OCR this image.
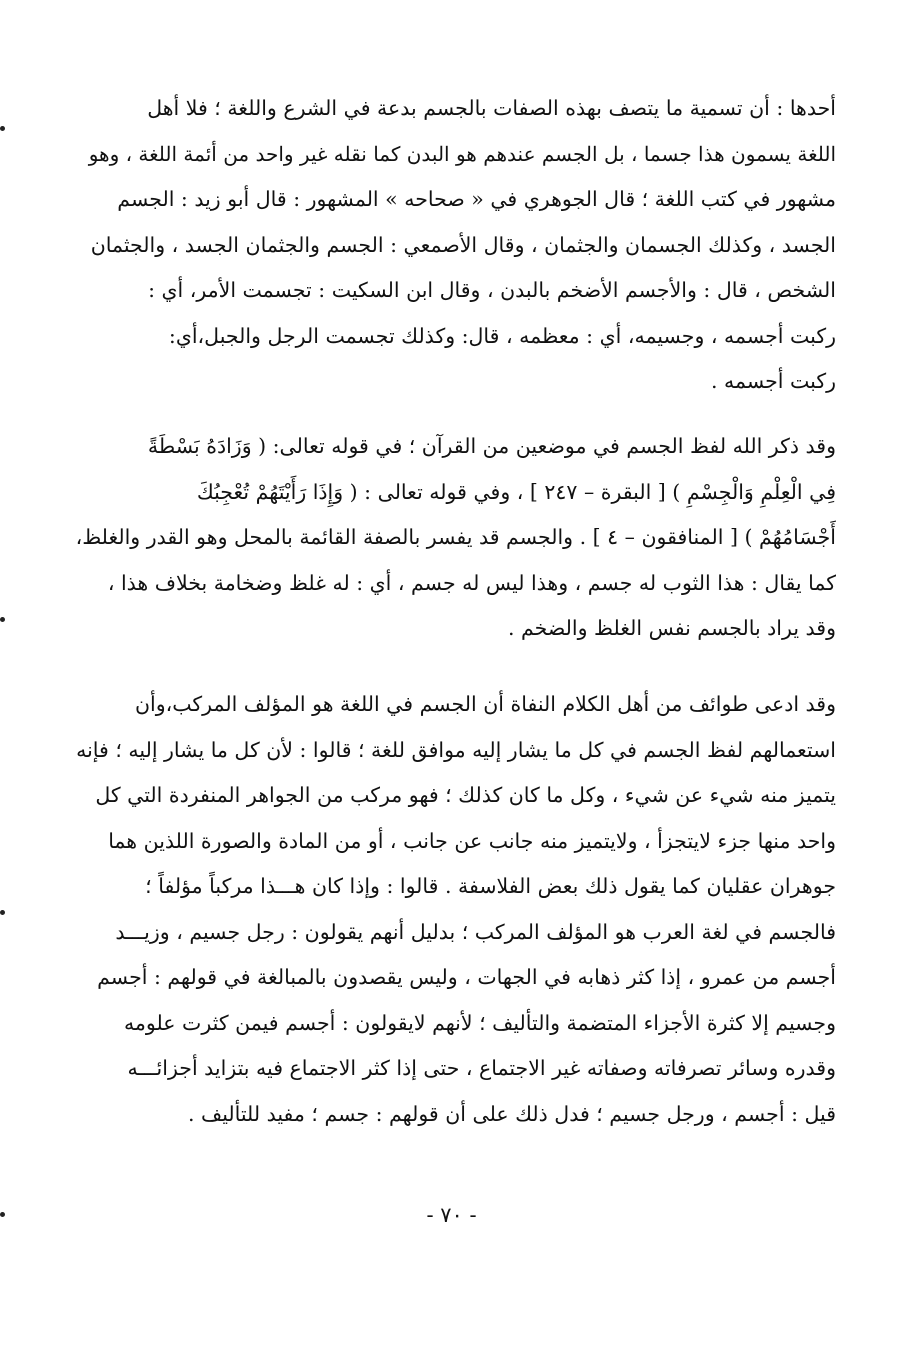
أحدها : أن تسمية ما يتصف بهذه الصفات بالجسم بدعة في الشرع واللغة ؛ فلا أهل
اللغة يسمون هذا جسما ، بل الجسم عندهم هو البدن كما نقله غير واحد من أئمة اللغة ، وهو
مشهور في كتب اللغة ؛ قال الجوهري في « صحاحه » المشهور : قال أبو زيد : الجسم
الجسد ، وكذلك الجسمان والجثمان ، وقال الأصمعي : الجسم والجثمان الجسد ، والجثمان
الشخص ، قال : والأجسم الأضخم بالبدن ، وقال ابن السكيت : تجسمت الأمر، أي :
ركبت أجسمه ، وجسيمه، أي : معظمه ، قال: وكذلك تجسمت الرجل والجبل،أي:
ركبت أجسمه .
وقد ذكر الله لفظ الجسم في موضعين من القرآن ؛ في قوله تعالى: ( وَزَادَهُ بَسْطَةً
فِي الْعِلْمِ وَالْجِسْمِ ) [ البقرة – ٢٤٧ ] ، وفي قوله تعالى : ( وَإِذَا رَأَيْتَهُمْ تُعْجِبُكَ
أَجْسَامُهُمْ ) [ المنافقون – ٤ ] . والجسم قد يفسر بالصفة القائمة بالمحل وهو القدر والغلظ،
كما يقال : هذا الثوب له جسم ، وهذا ليس له جسم ، أي : له غلظ وضخامة بخلاف هذا ،
وقد يراد بالجسم نفس الغلظ والضخم .
وقد ادعى طوائف من أهل الكلام النفاة أن الجسم في اللغة هو المؤلف المركب،وأن
استعمالهم لفظ الجسم في كل ما يشار إليه موافق للغة ؛ قالوا : لأن كل ما يشار إليه ؛ فإنه
يتميز منه شيء عن شيء ، وكل ما كان كذلك ؛ فهو مركب من الجواهر المنفردة التي كل
واحد منها جزء لايتجزأ ، ولايتميز منه جانب عن جانب ، أو من المادة والصورة اللذين هما
جوهران عقليان كما يقول ذلك بعض الفلاسفة . قالوا : وإذا كان هـــذا مركباً مؤلفاً ؛
فالجسم في لغة العرب هو المؤلف المركب ؛ بدليل أنهم يقولون : رجل جسيم ، وزيـــد
أجسم من عمرو ، إذا كثر ذهابه في الجهات ، وليس يقصدون بالمبالغة في قولهم : أجسم
وجسيم إلا كثرة الأجزاء المتضمة والتأليف ؛ لأنهم لايقولون : أجسم فيمن كثرت علومه
وقدره وسائر تصرفاته وصفاته غير الاجتماع ، حتى إذا كثر الاجتماع فيه بتزايد أجزائـــه
قيل : أجسم ، ورجل جسيم ؛ فدل ذلك على أن قولهم : جسم ؛ مفيد للتأليف .
- ٧٠ -
